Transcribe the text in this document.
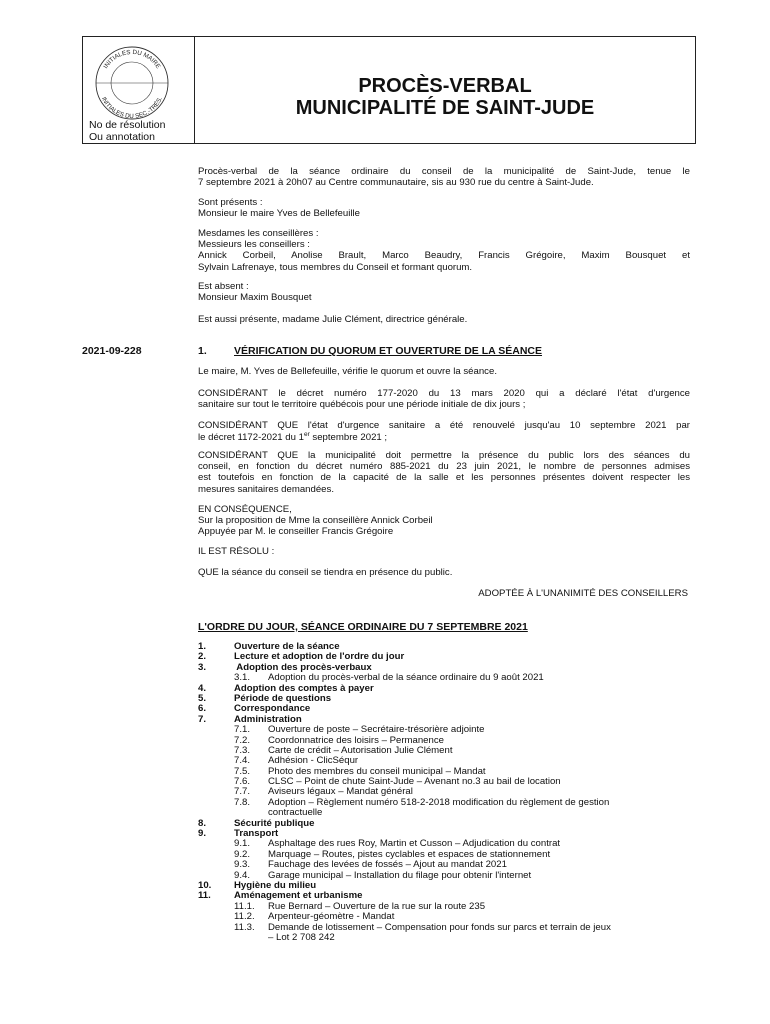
INITIALES DU MAIRE
INITIALES DU SEC.-TRÉS.
No de résolution
Ou annotation
PROCÈS-VERBAL
MUNICIPALITÉ DE SAINT-JUDE
Procès-verbal de la séance ordinaire du conseil de la municipalité de Saint-Jude, tenue le
7 septembre 2021 à 20h07 au Centre communautaire, sis au 930 rue du centre à Saint-Jude.
Sont présents :
Monsieur le maire Yves de Bellefeuille
Mesdames les conseillères :
Messieurs les conseillers :
Annick Corbeil, Anolise Brault, Marco Beaudry, Francis Grégoire, Maxim Bousquet et
Sylvain Lafrenaye, tous membres du Conseil et formant quorum.
Est absent :
Monsieur Maxim Bousquet
Est aussi présente, madame Julie Clément, directrice générale.
2021-09-228	1.	VÉRIFICATION DU QUORUM ET OUVERTURE DE LA SÉANCE
Le maire, M. Yves de Bellefeuille, vérifie le quorum et ouvre la séance.
CONSIDÉRANT le décret numéro 177-2020 du 13 mars 2020 qui a déclaré l'état d'urgence
sanitaire sur tout le territoire québécois pour une période initiale de dix jours ;
CONSIDÉRANT QUE l'état d'urgence sanitaire a été renouvelé jusqu'au 10 septembre 2021 par
le décret 1172-2021 du 1er septembre 2021 ;
CONSIDÉRANT QUE la municipalité doit permettre la présence du public lors des séances du
conseil, en fonction du décret numéro 885-2021 du 23 juin 2021, le nombre de personnes admises
est toutefois en fonction de la capacité de la salle et les personnes présentes doivent respecter les
mesures sanitaires demandées.
EN CONSÉQUENCE,
Sur la proposition de Mme la conseillère Annick Corbeil
Appuyée par M. le conseiller Francis Grégoire
IL EST RÉSOLU :
QUE la séance du conseil se tiendra en présence du public.
ADOPTÉE À L'UNANIMITÉ DES CONSEILLERS
L'ORDRE DU JOUR, SÉANCE ORDINAIRE DU 7 SEPTEMBRE 2021
1.	Ouverture de la séance
2.	Lecture et adoption de l'ordre du jour
3.	Adoption des procès-verbaux
3.1. Adoption du procès-verbal de la séance ordinaire du 9 août 2021
4.	Adoption des comptes à payer
5.	Période de questions
6.	Correspondance
7.	Administration
7.1. Ouverture de poste – Secrétaire-trésorière adjointe
7.2. Coordonnatrice des loisirs – Permanence
7.3. Carte de crédit – Autorisation Julie Clément
7.4. Adhésion - ClicSéqur
7.5. Photo des membres du conseil municipal – Mandat
7.6. CLSC – Point de chute Saint-Jude – Avenant no.3 au bail de location
7.7. Aviseurs légaux – Mandat général
7.8. Adoption – Règlement numéro 518-2-2018 modification du règlement de gestion
contractuelle
8.	Sécurité publique
9.	Transport
9.1. Asphaltage des rues Roy, Martin et Cusson – Adjudication du contrat
9.2. Marquage – Routes, pistes cyclables et espaces de stationnement
9.3. Fauchage des levées de fossés – Ajout au mandat 2021
9.4. Garage municipal – Installation du filage pour obtenir l'internet
10. Hygiène du milieu
11. Aménagement et urbanisme
11.1. Rue Bernard – Ouverture de la rue sur la route 235
11.2. Arpenteur-géomètre - Mandat
11.3. Demande de lotissement – Compensation pour fonds sur parcs et terrain de jeux
– Lot 2 708 242
